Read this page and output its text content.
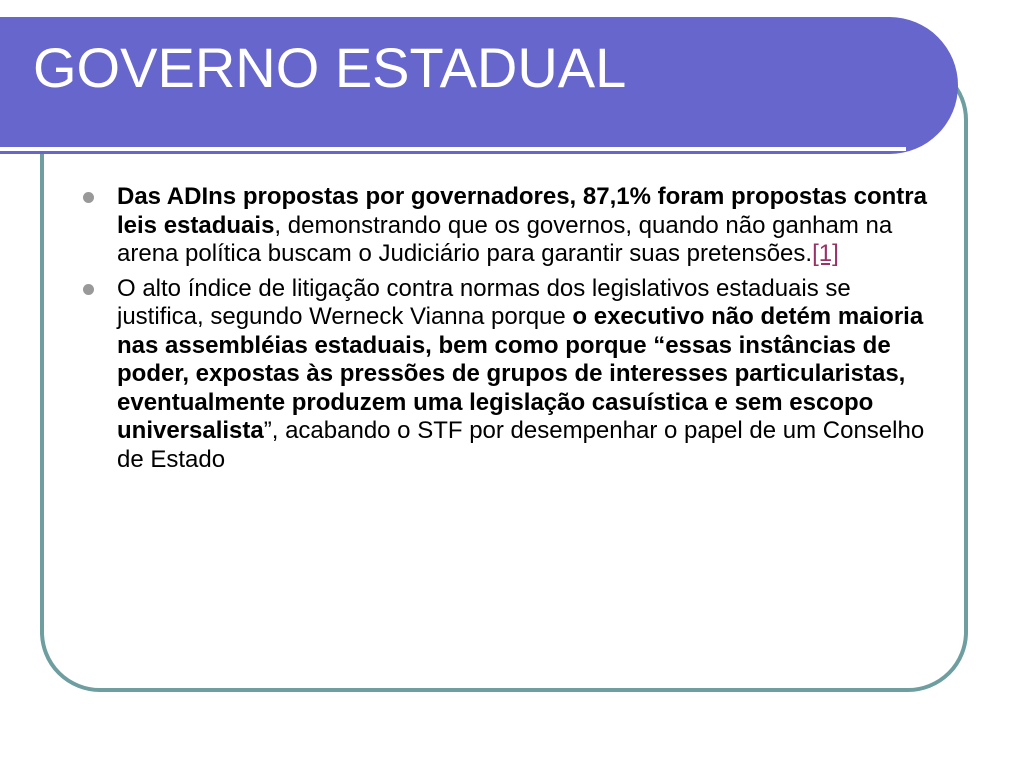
GOVERNO ESTADUAL
Das ADIns propostas por governadores, 87,1% foram propostas contra leis estaduais, demonstrando que os governos, quando não ganham na arena política buscam o Judiciário para garantir suas pretensões.[1]
O alto índice de litigação contra normas dos legislativos estaduais se justifica, segundo Werneck Vianna porque o executivo não detém maioria nas assembléias estaduais, bem como porque “essas instâncias de poder, expostas às pressões de grupos de interesses particularistas, eventualmente produzem uma legislação casuística e sem escopo universalista”, acabando o STF por desempenhar o papel de um Conselho de Estado
